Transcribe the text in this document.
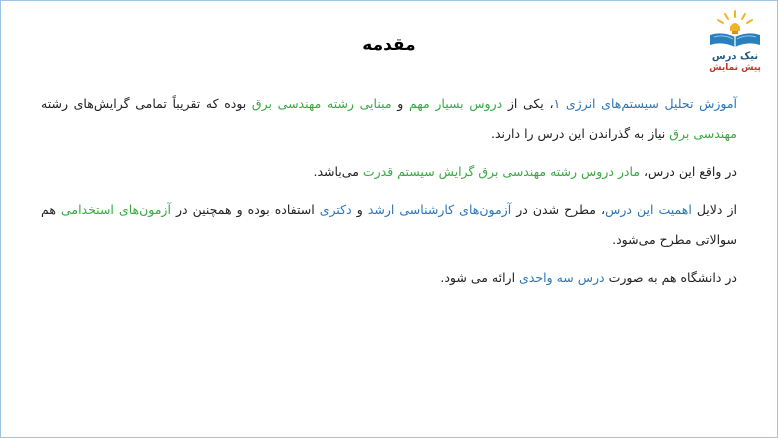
نیک درس
پیش نمایش
مقدمه

آموزش تحلیل سیستم‌های انرژی ۱، یکی از دروس بسیار مهم و مبنایی رشته مهندسی برق بوده که تقریباً تمامی گرایش‌های رشته مهندسی برق نیاز به گذراندن این درس را دارند.

در واقع این درس، مادر دروس رشته مهندسی برق گرایش سیستم قدرت می‌باشد.

از دلایل اهمیت این درس، مطرح شدن در آزمون‌های کارشناسی ارشد و دکتری استفاده بوده و همچنین در آزمون‌های استخدامی هم سوالاتی مطرح می‌شود.

در دانشگاه هم به صورت درس سه واحدی ارائه می شود.
